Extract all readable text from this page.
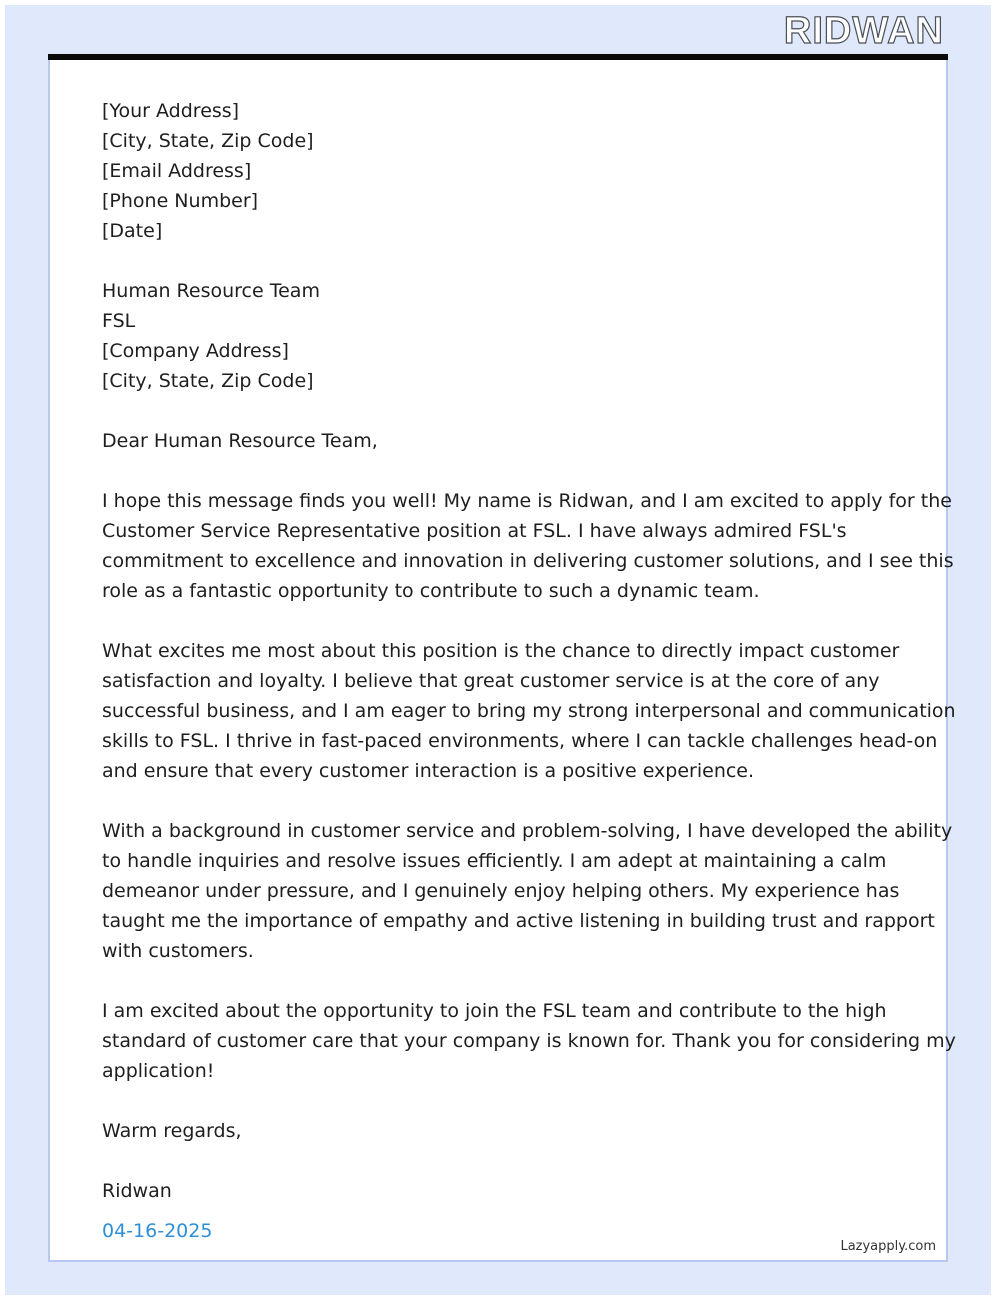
RIDWAN
[Your Address]
[City, State, Zip Code]
[Email Address]
[Phone Number]
[Date]
Human Resource Team
FSL
[Company Address]
[City, State, Zip Code]
Dear Human Resource Team,
I hope this message finds you well! My name is Ridwan, and I am excited to apply for the
Customer Service Representative position at FSL. I have always admired FSL's
commitment to excellence and innovation in delivering customer solutions, and I see this
role as a fantastic opportunity to contribute to such a dynamic team.
What excites me most about this position is the chance to directly impact customer
satisfaction and loyalty. I believe that great customer service is at the core of any
successful business, and I am eager to bring my strong interpersonal and communication
skills to FSL. I thrive in fast-paced environments, where I can tackle challenges head-on
and ensure that every customer interaction is a positive experience.
With a background in customer service and problem-solving, I have developed the ability
to handle inquiries and resolve issues efficiently. I am adept at maintaining a calm
demeanor under pressure, and I genuinely enjoy helping others. My experience has
taught me the importance of empathy and active listening in building trust and rapport
with customers.
I am excited about the opportunity to join the FSL team and contribute to the high
standard of customer care that your company is known for. Thank you for considering my
application!
Warm regards,
Ridwan
04-16-2025
Lazyapply.com
